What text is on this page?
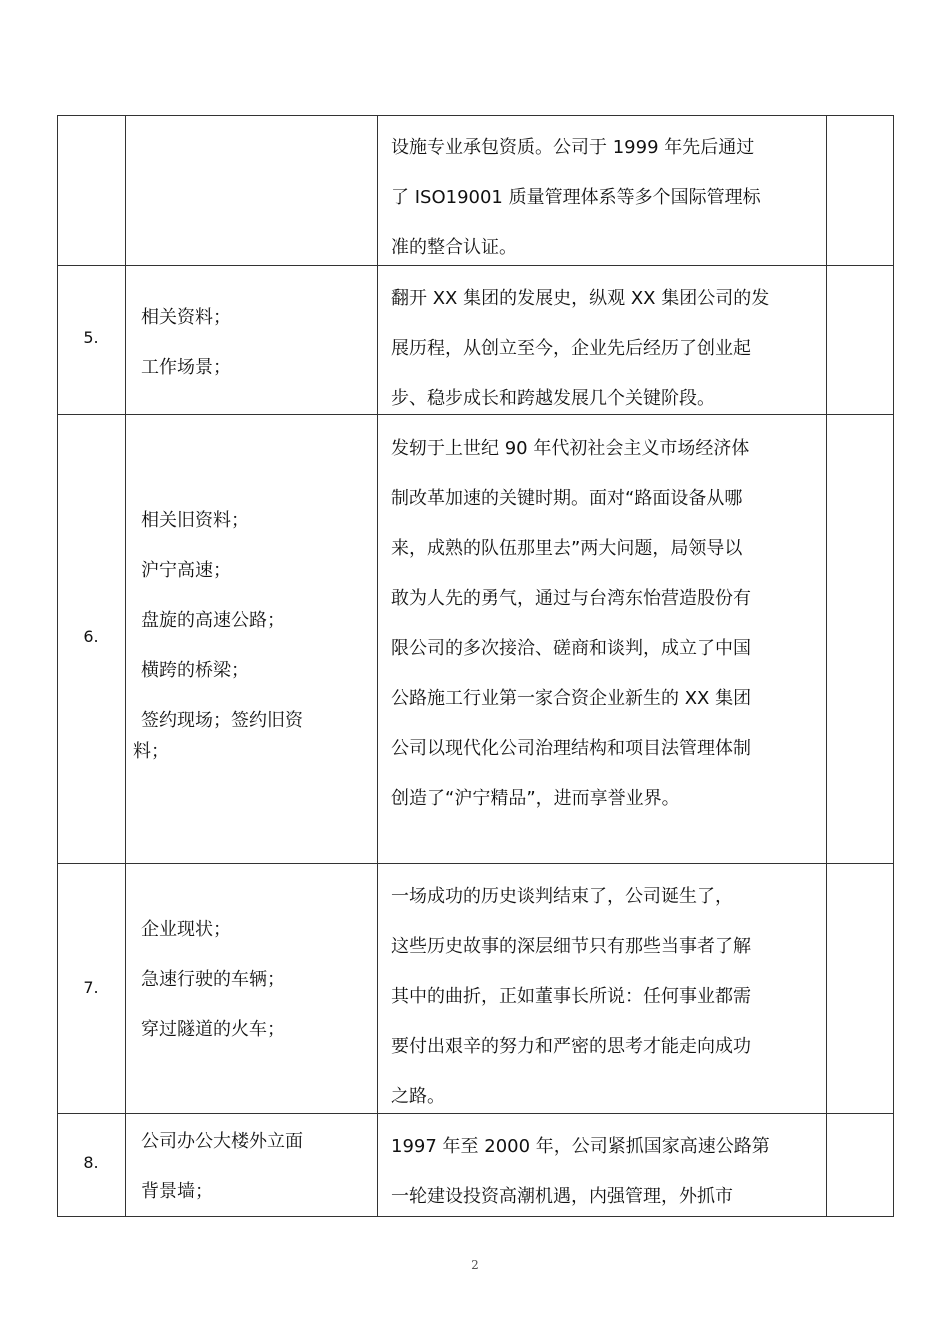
设施专业承包资质。公司于 1999 年先后通过
了 ISO19001 质量管理体系等多个国际管理标
准的整合认证。
5.
相关资料；
工作场景；
翻开 XX 集团的发展史，纵观 XX 集团公司的发
展历程，从创立至今，企业先后经历了创业起
步、稳步成长和跨越发展几个关键阶段。
6.
相关旧资料；
沪宁高速；
盘旋的高速公路；
横跨的桥梁；
签约现场；签约旧资
料；
发轫于上世纪 90 年代初社会主义市场经济体
制改革加速的关键时期。面对“路面设备从哪
来，成熟的队伍那里去”两大问题，局领导以
敢为人先的勇气，通过与台湾东怡营造股份有
限公司的多次接洽、磋商和谈判，成立了中国
公路施工行业第一家合资企业新生的 XX 集团
公司以现代化公司治理结构和项目法管理体制
创造了“沪宁精品”，进而享誉业界。
7.
企业现状；
急速行驶的车辆；
穿过隧道的火车；
一场成功的历史谈判结束了，公司诞生了，
这些历史故事的深层细节只有那些当事者了解
其中的曲折，正如董事长所说：任何事业都需
要付出艰辛的努力和严密的思考才能走向成功
之路。
8.
公司办公大楼外立面
背景墙；
1997 年至 2000 年，公司紧抓国家高速公路第
一轮建设投资高潮机遇，内强管理，外抓市
2
